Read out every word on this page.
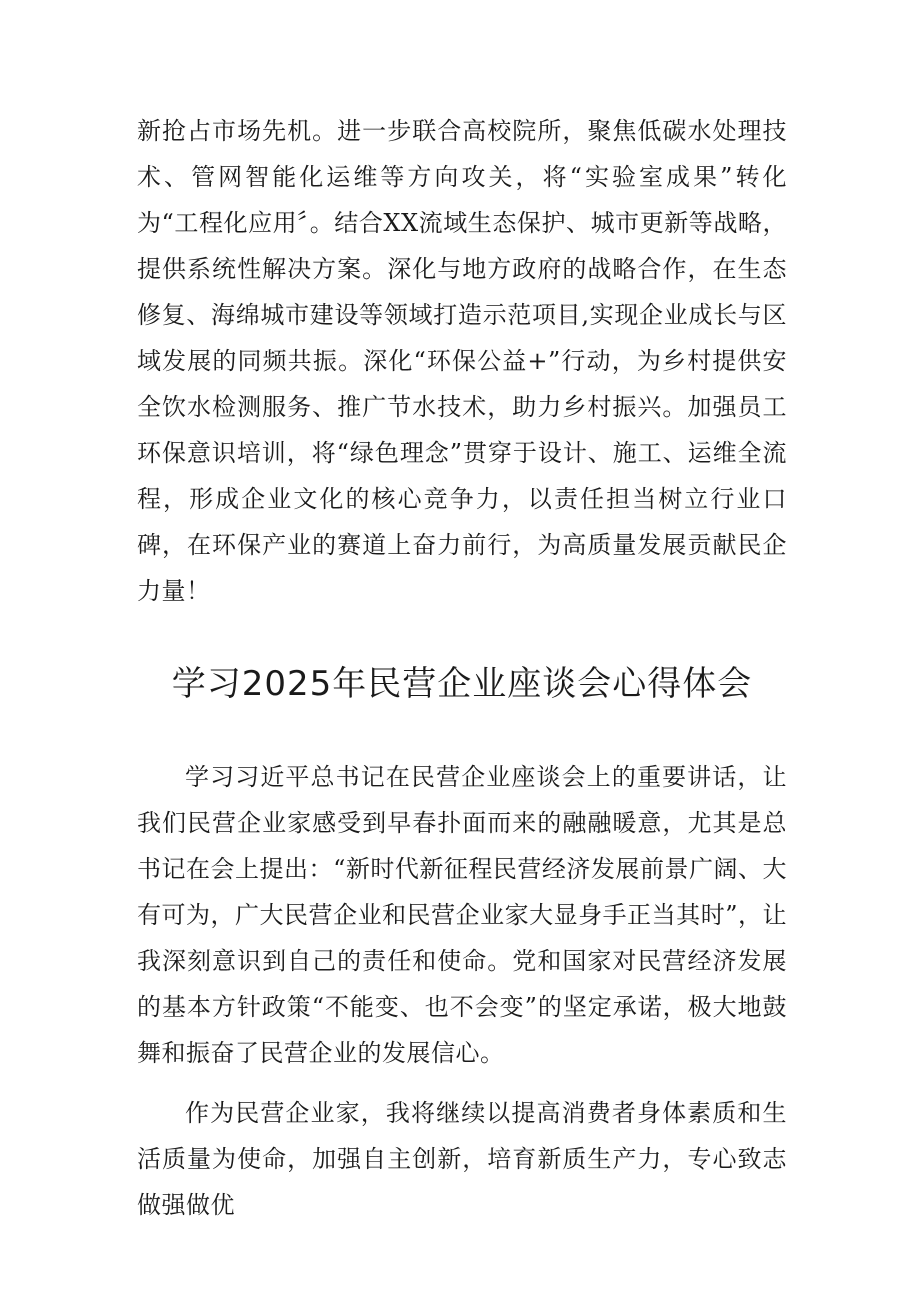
新抢占市场先机。进一步联合高校院所，聚焦低碳水处理技术、管网智能化运维等方向攻关，将“实验室成果”转化为“工程化应用〞。结合XX流域生态保护、城市更新等战略，提供系统性解决方案。深化与地方政府的战略合作，在生态修复、海绵城市建设等领域打造示范项目,实现企业成长与区域发展的同频共振。深化“环保公益+”行动，为乡村提供安全饮水检测服务、推广节水技术，助力乡村振兴。加强员工环保意识培训，将“绿色理念”贯穿于设计、施工、运维全流程，形成企业文化的核心竞争力，以责任担当树立行业口碑，在环保产业的赛道上奋力前行，为高质量发展贡献民企力量！

学习2025年民营企业座谈会心得体会

学习习近平总书记在民营企业座谈会上的重要讲话，让我们民营企业家感受到早春扑面而来的融融暖意，尤其是总书记在会上提出：“新时代新征程民营经济发展前景广阔、大有可为，广大民营企业和民营企业家大显身手正当其时”，让我深刻意识到自己的责任和使命。党和国家对民营经济发展的基本方针政策“不能变、也不会变”的坚定承诺，极大地鼓舞和振奋了民营企业的发展信心。

作为民营企业家，我将继续以提高消费者身体素质和生活质量为使命，加强自主创新，培育新质生产力，专心致志做强做优
